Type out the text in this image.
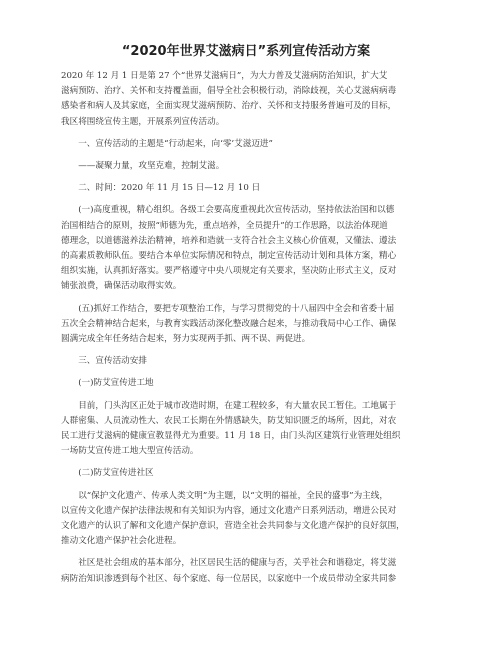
“2020年世界艾滋病日”系列宣传活动方案
2020 年 12 月 1 日是第 27 个“世界艾滋病日”，为大力普及艾滋病防治知识，扩大艾
滋病预防、治疗、关怀和支持覆盖面，倡导全社会积极行动，消除歧视，关心艾滋病病毒
感染者和病人及其家庭，全面实现艾滋病预防、治疗、关怀和支持服务普遍可及的目标，
我区将围绕宣传主题，开展系列宣传活动。
一、宣传活动的主题是“行动起来，向‘零’艾滋迈进”
——凝聚力量，攻坚克难，控制艾滋。
二、时间：2020 年 11 月 15 日—12 月 10 日
(一)高度重视，精心组织。各级工会要高度重视此次宣传活动，坚持依法治国和以德
治国相结合的原则，按照“师德为先，重点培养，全员提升”的工作思路，以法治体现道
德理念，以道德滋养法治精神，培养和造就一支符合社会主义核心价值观，又懂法、遵法
的高素质教师队伍。要结合本单位实际情况和特点，制定宣传活动计划和具体方案，精心
组织实施，认真抓好落实。要严格遵守中央八项规定有关要求，坚决防止形式主义，反对
铺张浪费，确保活动取得实效。
(五)抓好工作结合，要把专项整治工作，与学习贯彻党的十八届四中全会和省委十届
五次全会精神结合起来，与教育实践活动深化整改融合起来，与推动我局中心工作、确保
圆满完成全年任务结合起来，努力实现两手抓、两不误、两促进。
三、宣传活动安排
(一)防艾宣传进工地
目前，门头沟区正处于城市改造时期，在建工程较多，有大量农民工暂住。工地属于
人群密集、人员流动性大、农民工长期在外情感缺失，防艾知识匮乏的场所，因此，对农
民工进行艾滋病的健康宣教显得尤为重要。11 月 18 日，由门头沟区建筑行业管理处组织
一场防艾宣传进工地大型宣传活动。
(二)防艾宣传进社区
以“保护文化遗产、传承人类文明”为主题，以“文明的福祉，全民的盛事”为主线，
以宣传文化遗产保护法律法规和有关知识为内容，通过文化遗产日系列活动，增进公民对
文化遗产的认识了解和文化遗产保护意识，营造全社会共同参与文化遗产保护的良好氛围，
推动文化遗产保护社会化进程。
社区是社会组成的基本部分，社区居民生活的健康与否，关乎社会和谐稳定，将艾滋
病防治知识渗透到每个社区、每个家庭、每一位居民，以家庭中一个成员带动全家共同参
